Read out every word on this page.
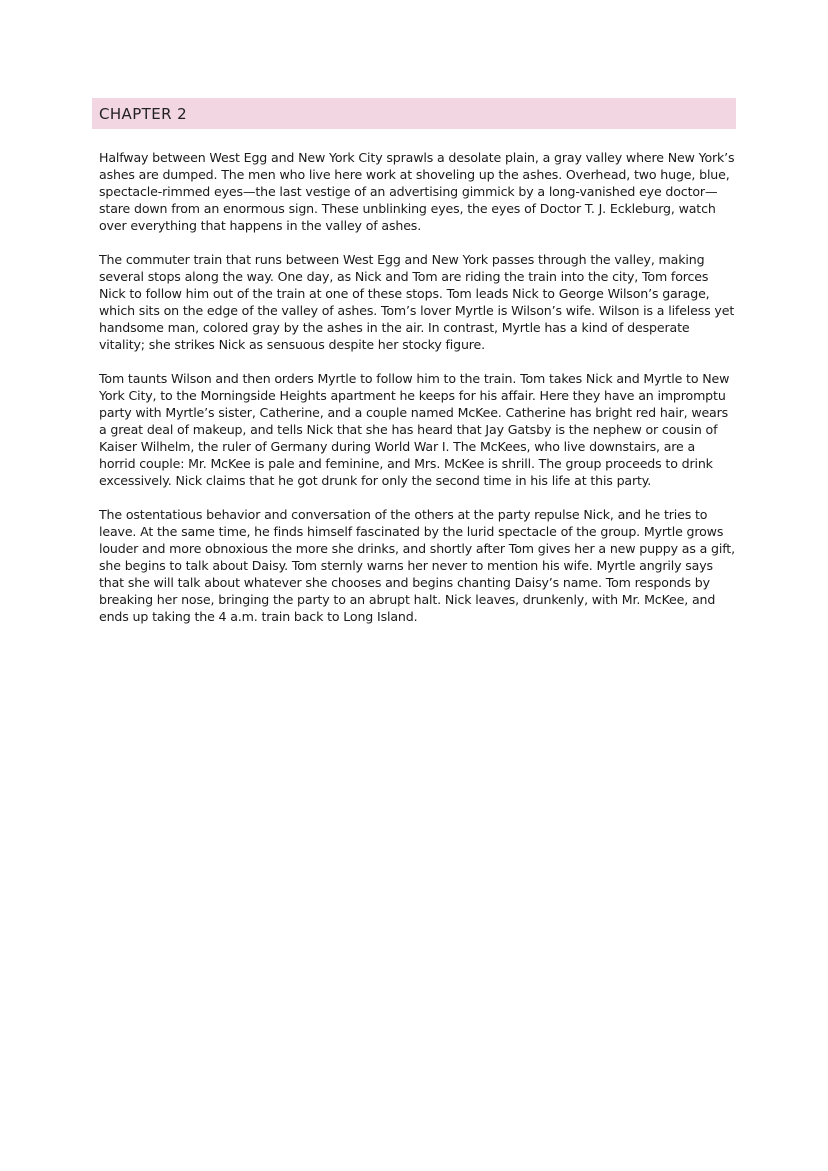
CHAPTER 2

Halfway between West Egg and New York City sprawls a desolate plain, a gray valley where New York’s ashes are dumped. The men who live here work at shoveling up the ashes. Overhead, two huge, blue, spectacle-rimmed eyes—the last vestige of an advertising gimmick by a long-vanished eye doctor—stare down from an enormous sign. These unblinking eyes, the eyes of Doctor T. J. Eckleburg, watch over everything that happens in the valley of ashes.

The commuter train that runs between West Egg and New York passes through the valley, making several stops along the way. One day, as Nick and Tom are riding the train into the city, Tom forces Nick to follow him out of the train at one of these stops. Tom leads Nick to George Wilson’s garage, which sits on the edge of the valley of ashes. Tom’s lover Myrtle is Wilson’s wife. Wilson is a lifeless yet handsome man, colored gray by the ashes in the air. In contrast, Myrtle has a kind of desperate vitality; she strikes Nick as sensuous despite her stocky figure.

Tom taunts Wilson and then orders Myrtle to follow him to the train. Tom takes Nick and Myrtle to New York City, to the Morningside Heights apartment he keeps for his affair. Here they have an impromptu party with Myrtle’s sister, Catherine, and a couple named McKee. Catherine has bright red hair, wears a great deal of makeup, and tells Nick that she has heard that Jay Gatsby is the nephew or cousin of Kaiser Wilhelm, the ruler of Germany during World War I. The McKees, who live downstairs, are a horrid couple: Mr. McKee is pale and feminine, and Mrs. McKee is shrill. The group proceeds to drink excessively. Nick claims that he got drunk for only the second time in his life at this party.

The ostentatious behavior and conversation of the others at the party repulse Nick, and he tries to leave. At the same time, he finds himself fascinated by the lurid spectacle of the group. Myrtle grows louder and more obnoxious the more she drinks, and shortly after Tom gives her a new puppy as a gift, she begins to talk about Daisy. Tom sternly warns her never to mention his wife. Myrtle angrily says that she will talk about whatever she chooses and begins chanting Daisy’s name. Tom responds by breaking her nose, bringing the party to an abrupt halt. Nick leaves, drunkenly, with Mr. McKee, and ends up taking the 4 a.m. train back to Long Island.
